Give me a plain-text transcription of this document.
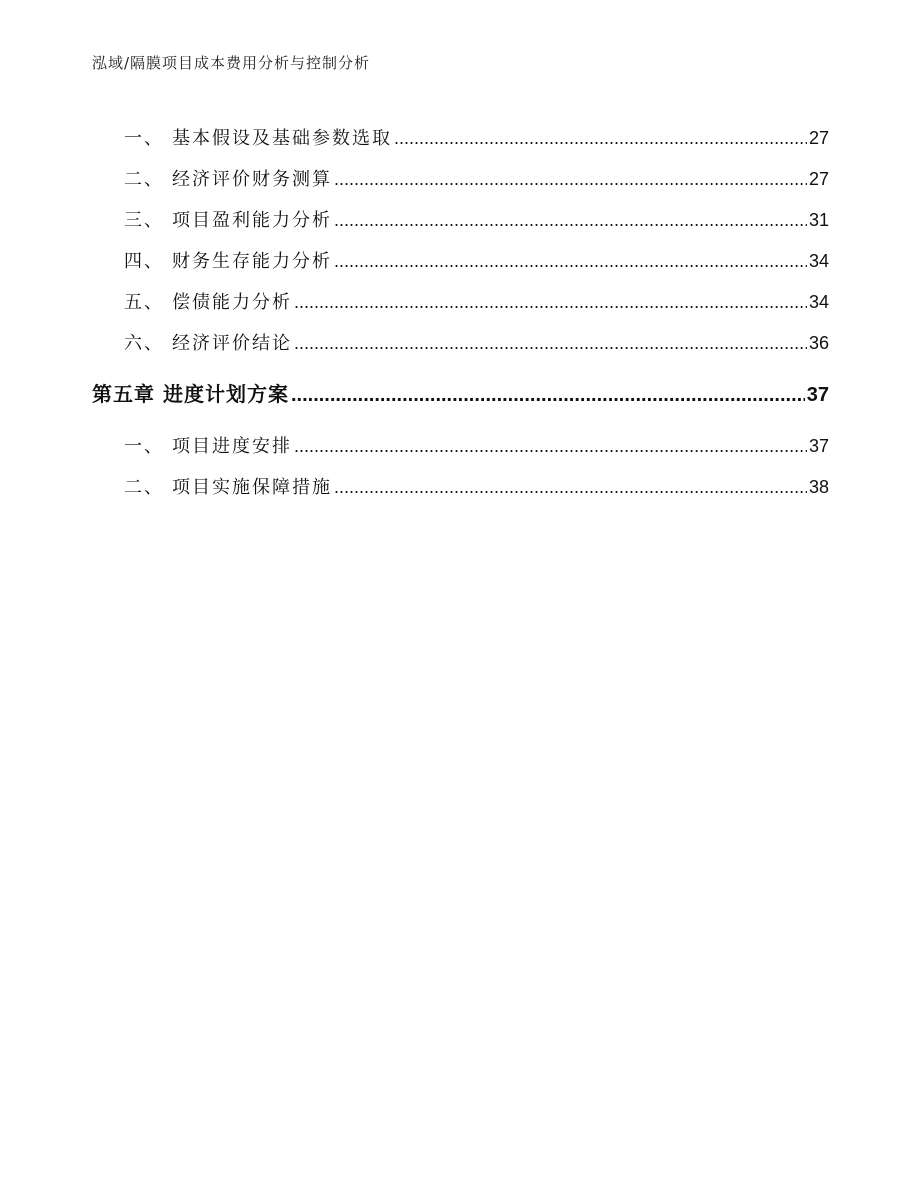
泓域/隔膜项目成本费用分析与控制分析
一、 基本假设及基础参数选取 .....	27
二、 经济评价财务测算 .....	27
三、 项目盈利能力分析 .....	31
四、 财务生存能力分析 .....	34
五、 偿债能力分析 .....	34
六、 经济评价结论 .....	36
第五章 进度计划方案 .....	37
一、 项目进度安排 .....	37
二、 项目实施保障措施 .....	38
